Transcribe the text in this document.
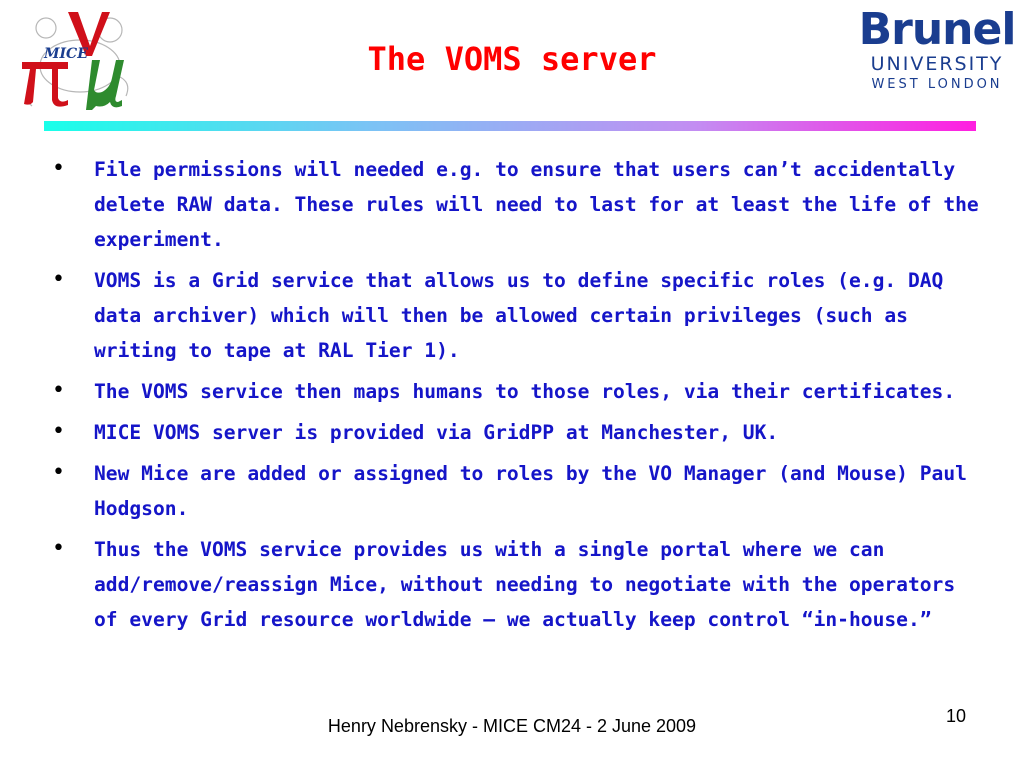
MICE	The VOMS server
Brunel
UNIVERSITY
WEST LONDON
• File permissions will needed e.g. to ensure that users can’t accidentally delete RAW data. These rules will need to last for at least the life of the experiment.
• VOMS is a Grid service that allows us to define specific roles (e.g. DAQ data archiver) which will then be allowed certain privileges (such as writing to tape at RAL Tier 1).
• The VOMS service then maps humans to those roles, via their certificates.
• MICE VOMS server is provided via GridPP at Manchester, UK.
• New Mice are added or assigned to roles by the VO Manager (and Mouse) Paul Hodgson.
• Thus the VOMS service provides us with a single portal where we can add/remove/reassign Mice, without needing to negotiate with the operators of every Grid resource worldwide – we actually keep control “in-house.”
Henry Nebrensky - MICE CM24 - 2 June 2009	10
